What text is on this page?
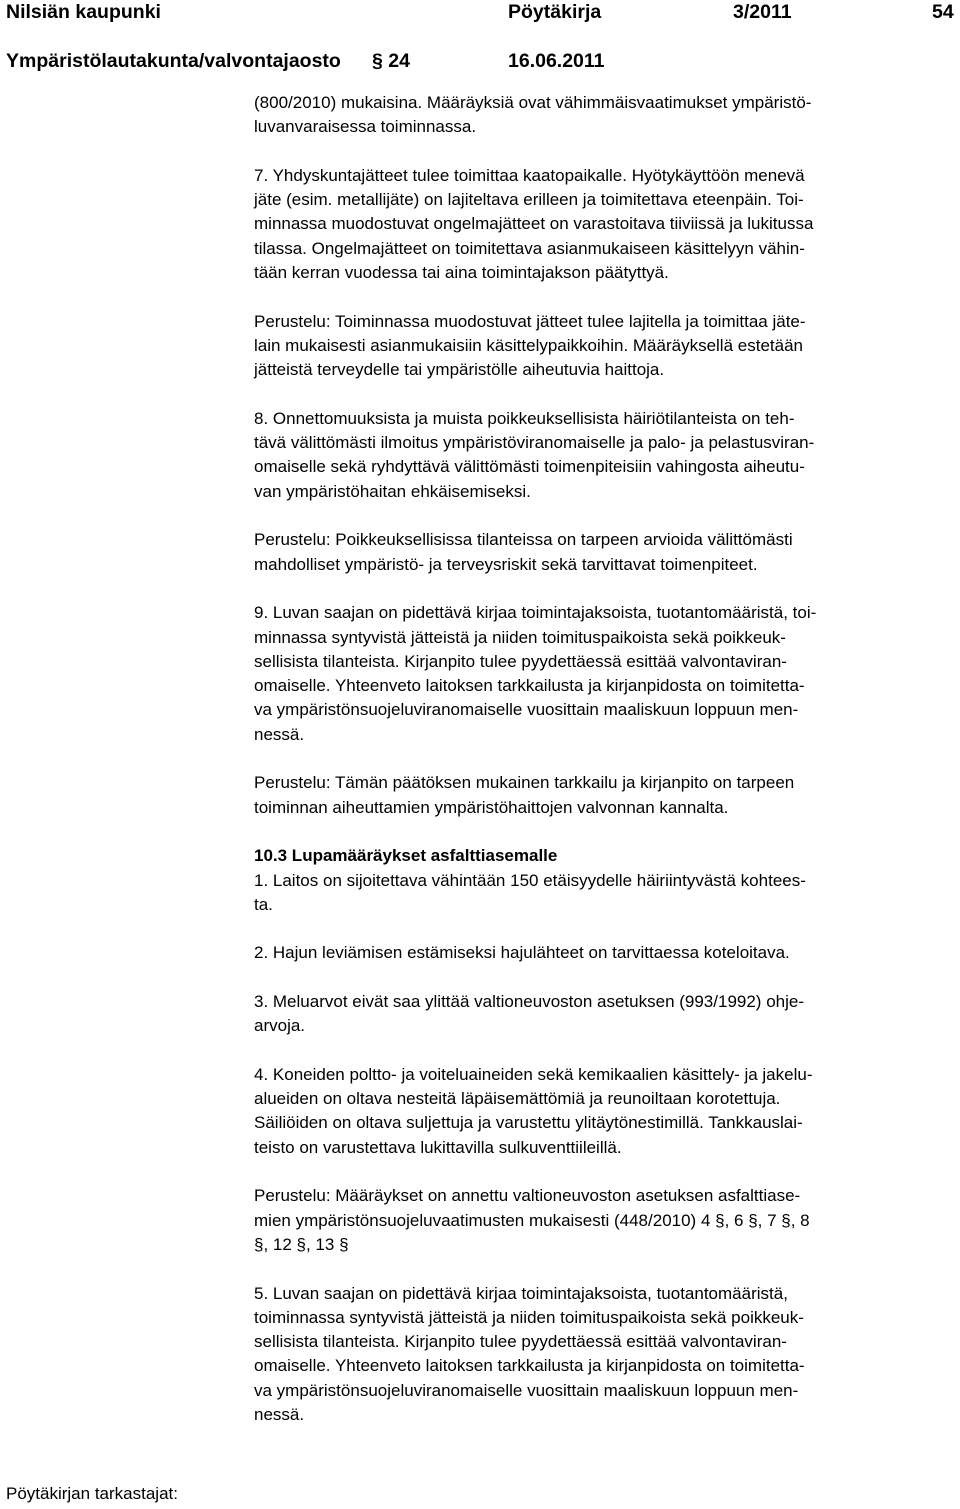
Nilsiän kaupunki	Pöytäkirja	3/2011	54
Ympäristölautakunta/valvontajaosto § 24	16.06.2011

(800/2010) mukaisina. Määräyksiä ovat vähimmäisvaatimukset ympäristö-

luvanvaraisessa toiminnassa.

7. Yhdyskuntajätteet tulee toimittaa kaatopaikalle. Hyötykäyttöön menevä

jäte (esim. metallijäte) on lajiteltava erilleen ja toimitettava eteenpäin. Toi-

minnassa muodostuvat ongelmajätteet on varastoitava tiiviissä ja lukitussa

tilassa. Ongelmajätteet on toimitettava asianmukaiseen käsittelyyn vähin-

tään kerran vuodessa tai aina toimintajakson päätyttyä.

Perustelu: Toiminnassa muodostuvat jätteet tulee lajitella ja toimittaa jäte-

lain mukaisesti asianmukaisiin käsittelypaikkoihin. Määräyksellä estetään

jätteistä terveydelle tai ympäristölle aiheutuvia haittoja.

8. Onnettomuuksista ja muista poikkeuksellisista häiriötilanteista on teh-

tävä välittömästi ilmoitus ympäristöviranomaiselle ja palo- ja pelastusviran-

omaiselle sekä ryhdyttävä välittömästi toimenpiteisiin vahingosta aiheutu-

van ympäristöhaitan ehkäisemiseksi.

Perustelu: Poikkeuksellisissa tilanteissa on tarpeen arvioida välittömästi

mahdolliset ympäristö- ja terveysriskit sekä tarvittavat toimenpiteet.

9. Luvan saajan on pidettävä kirjaa toimintajaksoista, tuotantomääristä, toi-

minnassa syntyvistä jätteistä ja niiden toimituspaikoista sekä poikkeuk-

sellisista tilanteista. Kirjanpito tulee pyydettäessä esittää valvontaviran-

omaiselle. Yhteenveto laitoksen tarkkailusta ja kirjanpidosta on toimitetta-

va ympäristönsuojeluviranomaiselle vuosittain maaliskuun loppuun men-

nessä.

Perustelu: Tämän päätöksen mukainen tarkkailu ja kirjanpito on tarpeen

toiminnan aiheuttamien ympäristöhaittojen valvonnan kannalta.

10.3 Lupamääräykset asfalttiasemalle

1. Laitos on sijoitettava vähintään 150 etäisyydelle häiriintyvästä kohtees-

ta.

2. Hajun leviämisen estämiseksi hajulähteet on tarvittaessa koteloitava.

3. Meluarvot eivät saa ylittää valtioneuvoston asetuksen (993/1992) ohje-

arvoja.

4. Koneiden poltto- ja voiteluaineiden sekä kemikaalien käsittely- ja jakelu-

alueiden on oltava nesteitä läpäisemättömiä ja reunoiltaan korotettuja.

Säiliöiden on oltava suljettuja ja varustettu ylitäytönestimillä. Tankkauslai-

teisto on varustettava lukittavilla sulkuventtiileillä.

Perustelu: Määräykset on annettu valtioneuvoston asetuksen asfalttiase-

mien ympäristönsuojeluvaatimusten mukaisesti (448/2010) 4 §, 6 §, 7 §, 8

§, 12 §, 13 §

5. Luvan saajan on pidettävä kirjaa toimintajaksoista, tuotantomääristä,

toiminnassa syntyvistä jätteistä ja niiden toimituspaikoista sekä poikkeuk-

sellisista tilanteista. Kirjanpito tulee pyydettäessä esittää valvontaviran-

omaiselle. Yhteenveto laitoksen tarkkailusta ja kirjanpidosta on toimitetta-

va ympäristönsuojeluviranomaiselle vuosittain maaliskuun loppuun men-

nessä.

Pöytäkirjan tarkastajat:
